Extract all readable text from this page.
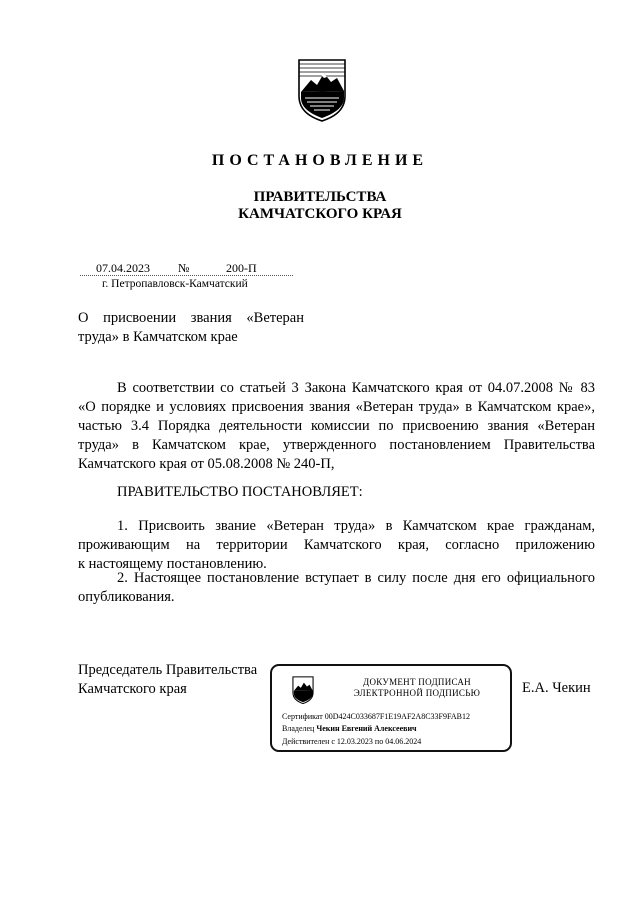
ПОСТАНОВЛЕНИЕ
ПРАВИТЕЛЬСТВА
КАМЧАТСКОГО КРАЯ
07.04.2023 №	200-П
г. Петропавловск-Камчатский
О присвоении звания «Ветеран
труда» в Камчатском крае
В соответствии со статьей 3 Закона Камчатского края от 04.07.2008 № 83
«О порядке и условиях присвоения звания «Ветеран труда» в Камчатском крае»,
частью 3.4 Порядка деятельности комиссии по присвоению звания «Ветеран
труда» в Камчатском крае, утвержденного постановлением Правительства
Камчатского края от 05.08.2008 № 240-П,
ПРАВИТЕЛЬСТВО ПОСТАНОВЛЯЕТ:
1. Присвоить звание «Ветеран труда» в Камчатском крае гражданам,
проживающим на территории Камчатского края, согласно приложению
к настоящему постановлению.
2. Настоящее постановление вступает в силу после дня его официального
опубликования.
Председатель Правительства
Камчатского края	ДОКУМЕНТ ПОДПИСАН
ЭЛЕКТРОННОЙ ПОДПИСЬЮ
Сертификат 00D424C033687F1E19AF2A8C33F9FAB12
Владелец Чекин Евгений Алексеевич
Действителен с 12.03.2023 по 04.06.2024
Е.А. Чекин
